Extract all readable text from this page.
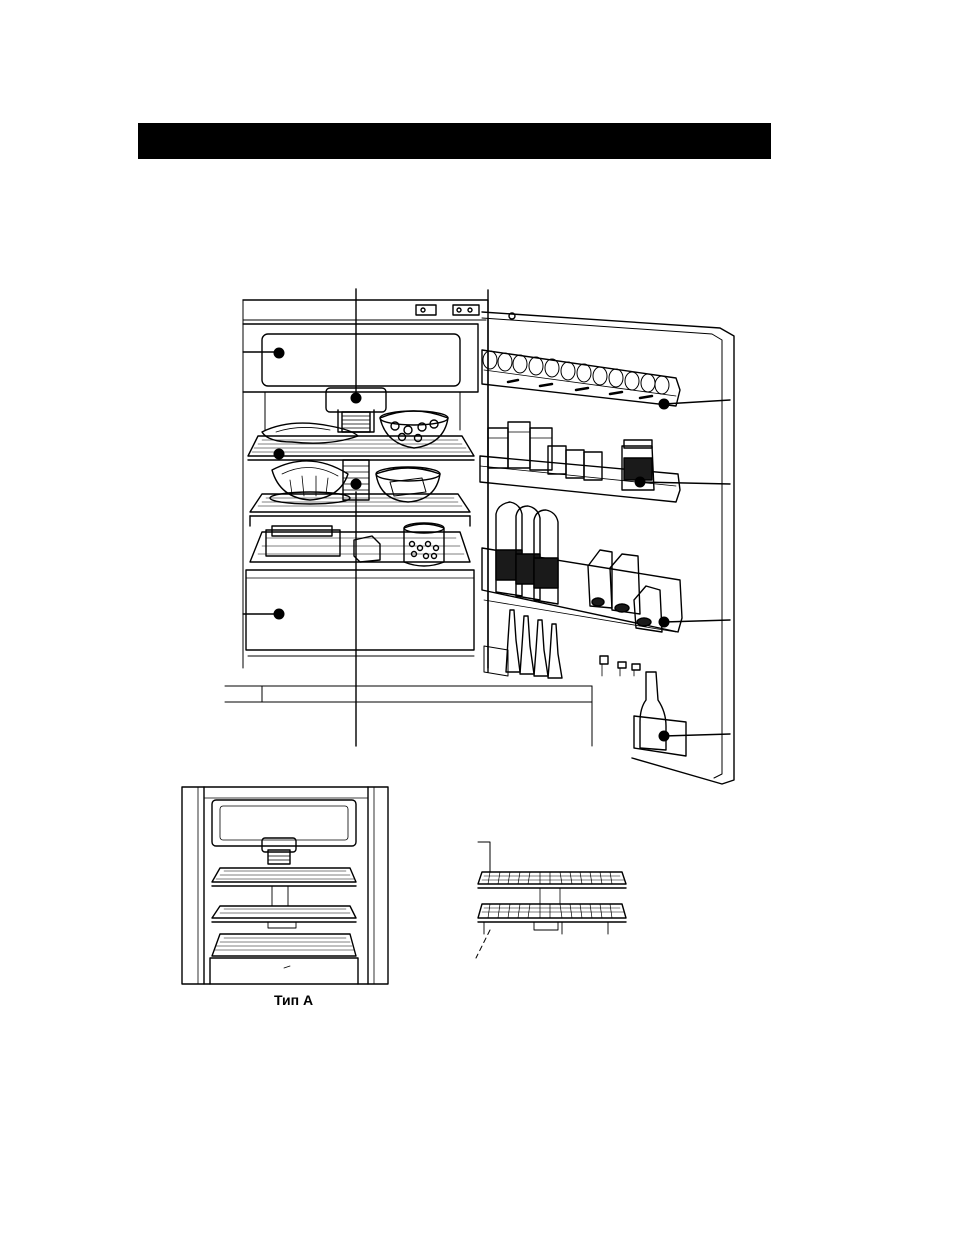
Тип A
